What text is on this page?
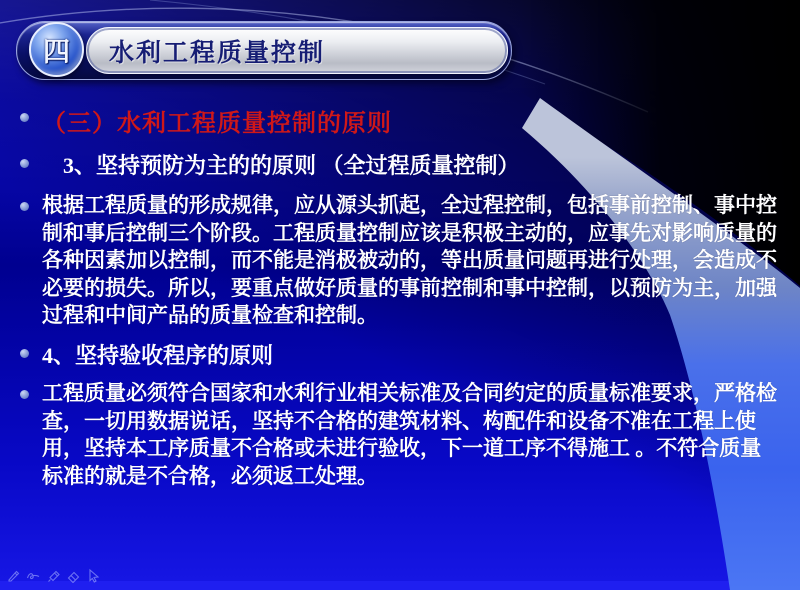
水利工程质量控制
四
（三）水利工程质量控制的原则
3、坚持预防为主的的原则 （全过程质量控制）
根据工程质量的形成规律，应从源头抓起，全过程控制，包括事前控制、事中控制和事后控制三个阶段。工程质量控制应该是积极主动的，应事先对影响质量的各种因素加以控制，而不能是消极被动的，等出质量问题再进行处理，会造成不必要的损失。所以，要重点做好质量的事前控制和事中控制，以预防为主，加强过程和中间产品的质量检查和控制。
4、坚持验收程序的原则
工程质量必须符合国家和水利行业相关标准及合同约定的质量标准要求，严格检查，一切用数据说话，坚持不合格的建筑材料、构配件和设备不准在工程上使 用，坚持本工序质量不合格或未进行验收，下一道工序不得施工 。不符合质量标准的就是不合格，必须返工处理。
